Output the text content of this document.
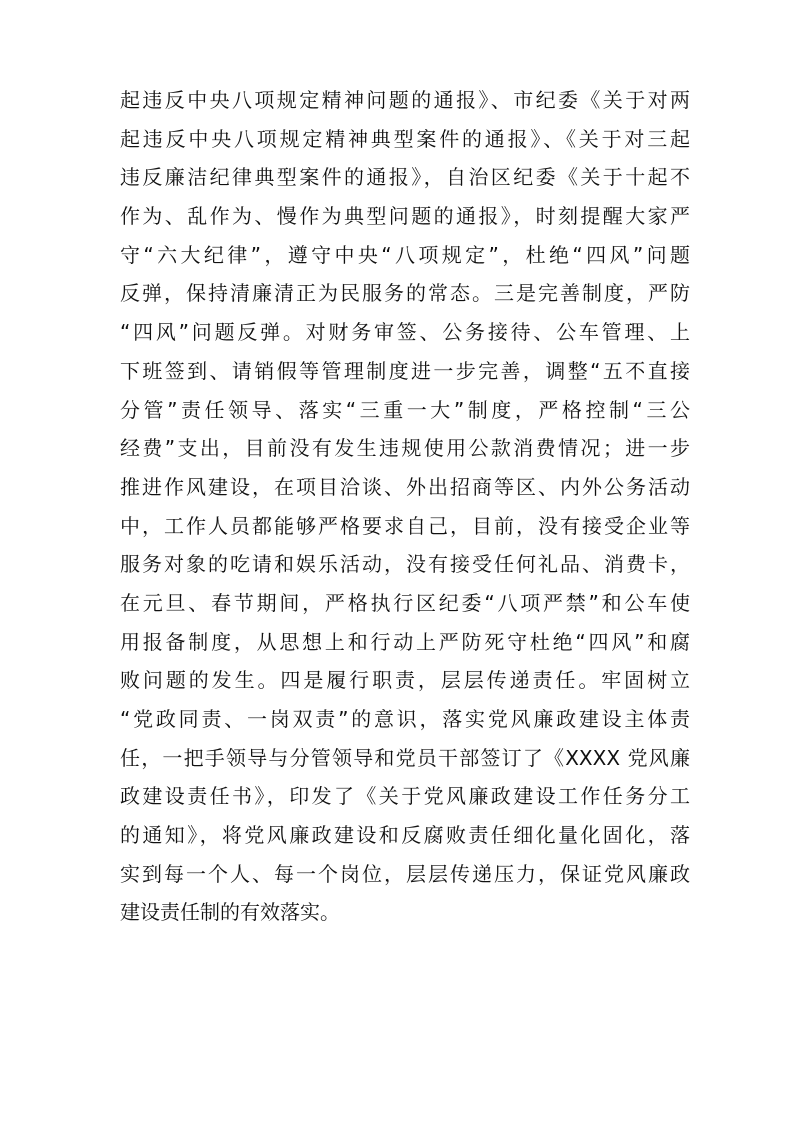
起违反中央八项规定精神问题的通报》、市纪委《关于对两
起违反中央八项规定精神典型案件的通报》、《关于对三起
违反廉洁纪律典型案件的通报》，自治区纪委《关于十起不
作为、乱作为、慢作为典型问题的通报》，时刻提醒大家严
守“六大纪律”，遵守中央“八项规定”，杜绝“四风”问题
反弹，保持清廉清正为民服务的常态。三是完善制度，严防
“四风”问题反弹。对财务审签、公务接待、公车管理、上
下班签到、请销假等管理制度进一步完善，调整“五不直接
分管”责任领导、落实“三重一大”制度，严格控制“三公
经费”支出，目前没有发生违规使用公款消费情况；进一步
推进作风建设，在项目洽谈、外出招商等区、内外公务活动
中，工作人员都能够严格要求自己，目前，没有接受企业等
服务对象的吃请和娱乐活动，没有接受任何礼品、消费卡，
在元旦、春节期间，严格执行区纪委“八项严禁”和公车使
用报备制度，从思想上和行动上严防死守杜绝“四风”和腐
败问题的发生。四是履行职责，层层传递责任。牢固树立
“党政同责、一岗双责”的意识，落实党风廉政建设主体责
任，一把手领导与分管领导和党员干部签订了《XXXX 党风廉
政建设责任书》，印发了《关于党风廉政建设工作任务分工
的通知》，将党风廉政建设和反腐败责任细化量化固化，落
实到每一个人、每一个岗位，层层传递压力，保证党风廉政
建设责任制的有效落实。
